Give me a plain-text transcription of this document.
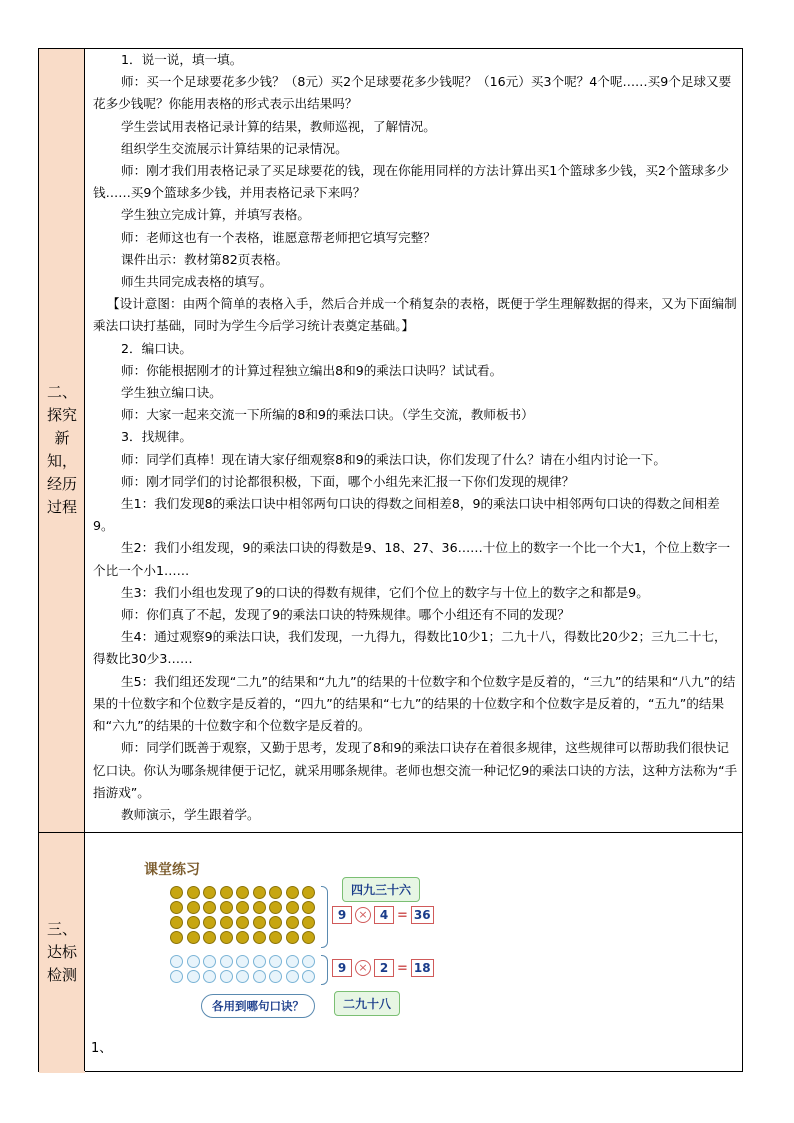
二、
探究
新
知，
经历
过程
三、
达标
检测

1．说一说，填一填。

师：买一个足球要花多少钱？（8元）买2个足球要花多少钱呢？（16元）买3个呢？4个呢……买9个足球又要花多少钱呢？你能用表格的形式表示出结果吗？

学生尝试用表格记录计算的结果，教师巡视，了解情况。

组织学生交流展示计算结果的记录情况。

师：刚才我们用表格记录了买足球要花的钱，现在你能用同样的方法计算出买1个篮球多少钱，买2个篮球多少钱……买9个篮球多少钱，并用表格记录下来吗？

学生独立完成计算，并填写表格。

师：老师这也有一个表格，谁愿意帮老师把它填写完整？

课件出示：教材第82页表格。

师生共同完成表格的填写。

【设计意图：由两个简单的表格入手，然后合并成一个稍复杂的表格，既便于学生理解数据的得来，又为下面编制乘法口诀打基础，同时为学生今后学习统计表奠定基础。】

2．编口诀。

师：你能根据刚才的计算过程独立编出8和9的乘法口诀吗？试试看。

学生独立编口诀。

师：大家一起来交流一下所编的8和9的乘法口诀。（学生交流，教师板书）

3．找规律。

师：同学们真棒！现在请大家仔细观察8和9的乘法口诀，你们发现了什么？请在小组内讨论一下。

师：刚才同学们的讨论都很积极，下面，哪个小组先来汇报一下你们发现的规律？

生1：我们发现8的乘法口诀中相邻两句口诀的得数之间相差8，9的乘法口诀中相邻两句口诀的得数之间相差9。

生2：我们小组发现，9的乘法口诀的得数是9、18、27、36……十位上的数字一个比一个大1，个位上数字一个比一个小1……

生3：我们小组也发现了9的口诀的得数有规律，它们个位上的数字与十位上的数字之和都是9。

师：你们真了不起，发现了9的乘法口诀的特殊规律。哪个小组还有不同的发现？

生4：通过观察9的乘法口诀，我们发现，一九得九，得数比10少1；二九十八，得数比20少2；三九二十七，得数比30少3……

生5：我们组还发现“二九”的结果和“九九”的结果的十位数字和个位数字是反着的，“三九”的结果和“八九”的结果的十位数字和个位数字是反着的，“四九”的结果和“七九”的结果的十位数字和个位数字是反着的，“五九”的结果和“六九”的结果的十位数字和个位数字是反着的。

师：同学们既善于观察，又勤于思考，发现了8和9的乘法口诀存在着很多规律，这些规律可以帮助我们很快记忆口诀。你认为哪条规律便于记忆，就采用哪条规律。老师也想交流一种记忆9的乘法口诀的方法，这种方法称为“手指游戏”。

教师演示，学生跟着学。

1、
课堂练习
9	×	4 = 36
9	×	2 = 18
四九三十六
二九十八
各用到哪句口诀？
